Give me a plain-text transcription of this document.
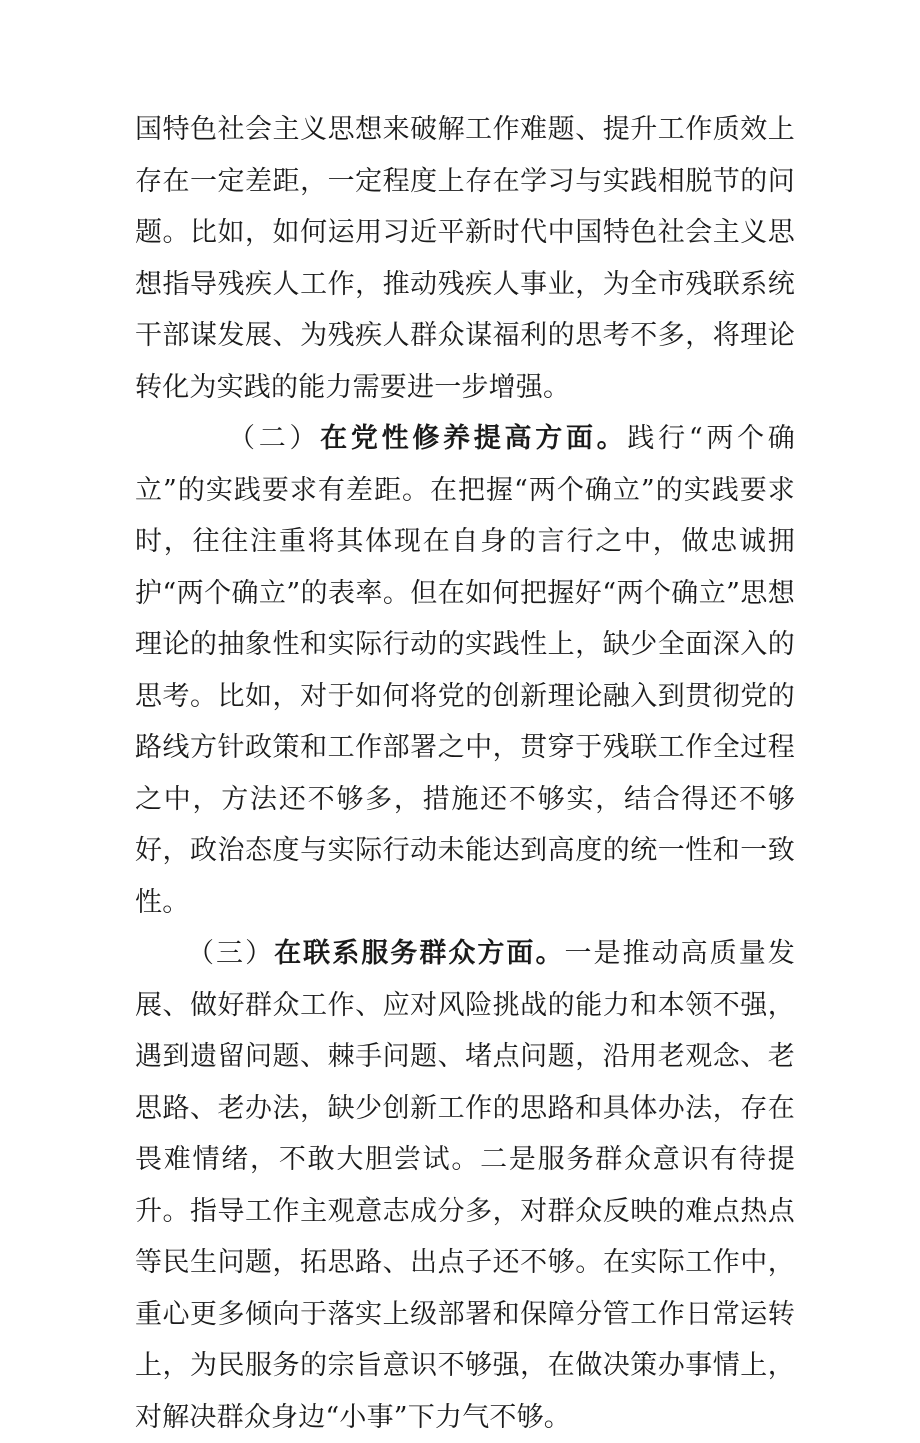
国特色社会主义思想来破解工作难题、提升工作质效上存在一定差距，一定程度上存在学习与实践相脱节的问题。比如，如何运用习近平新时代中国特色社会主义思想指导残疾人工作，推动残疾人事业，为全市残联系统干部谋发展、为残疾人群众谋福利的思考不多，将理论转化为实践的能力需要进一步增强。

（二）在党性修养提高方面。践行“两个确立”的实践要求有差距。在把握“两个确立”的实践要求时，往往注重将其体现在自身的言行之中，做忠诚拥护“两个确立”的表率。但在如何把握好“两个确立”思想理论的抽象性和实际行动的实践性上，缺少全面深入的思考。比如，对于如何将党的创新理论融入到贯彻党的路线方针政策和工作部署之中，贯穿于残联工作全过程之中，方法还不够多，措施还不够实，结合得还不够好，政治态度与实际行动未能达到高度的统一性和一致性。

（三）在联系服务群众方面。一是推动高质量发展、做好群众工作、应对风险挑战的能力和本领不强，遇到遗留问题、棘手问题、堵点问题，沿用老观念、老思路、老办法，缺少创新工作的思路和具体办法，存在畏难情绪，不敢大胆尝试。二是服务群众意识有待提升。指导工作主观意志成分多，对群众反映的难点热点等民生问题，拓思路、出点子还不够。在实际工作中，重心更多倾向于落实上级部署和保障分管工作日常运转上，为民服务的宗旨意识不够强，在做决策办事情上，对解决群众身边“小事”下力气不够。
